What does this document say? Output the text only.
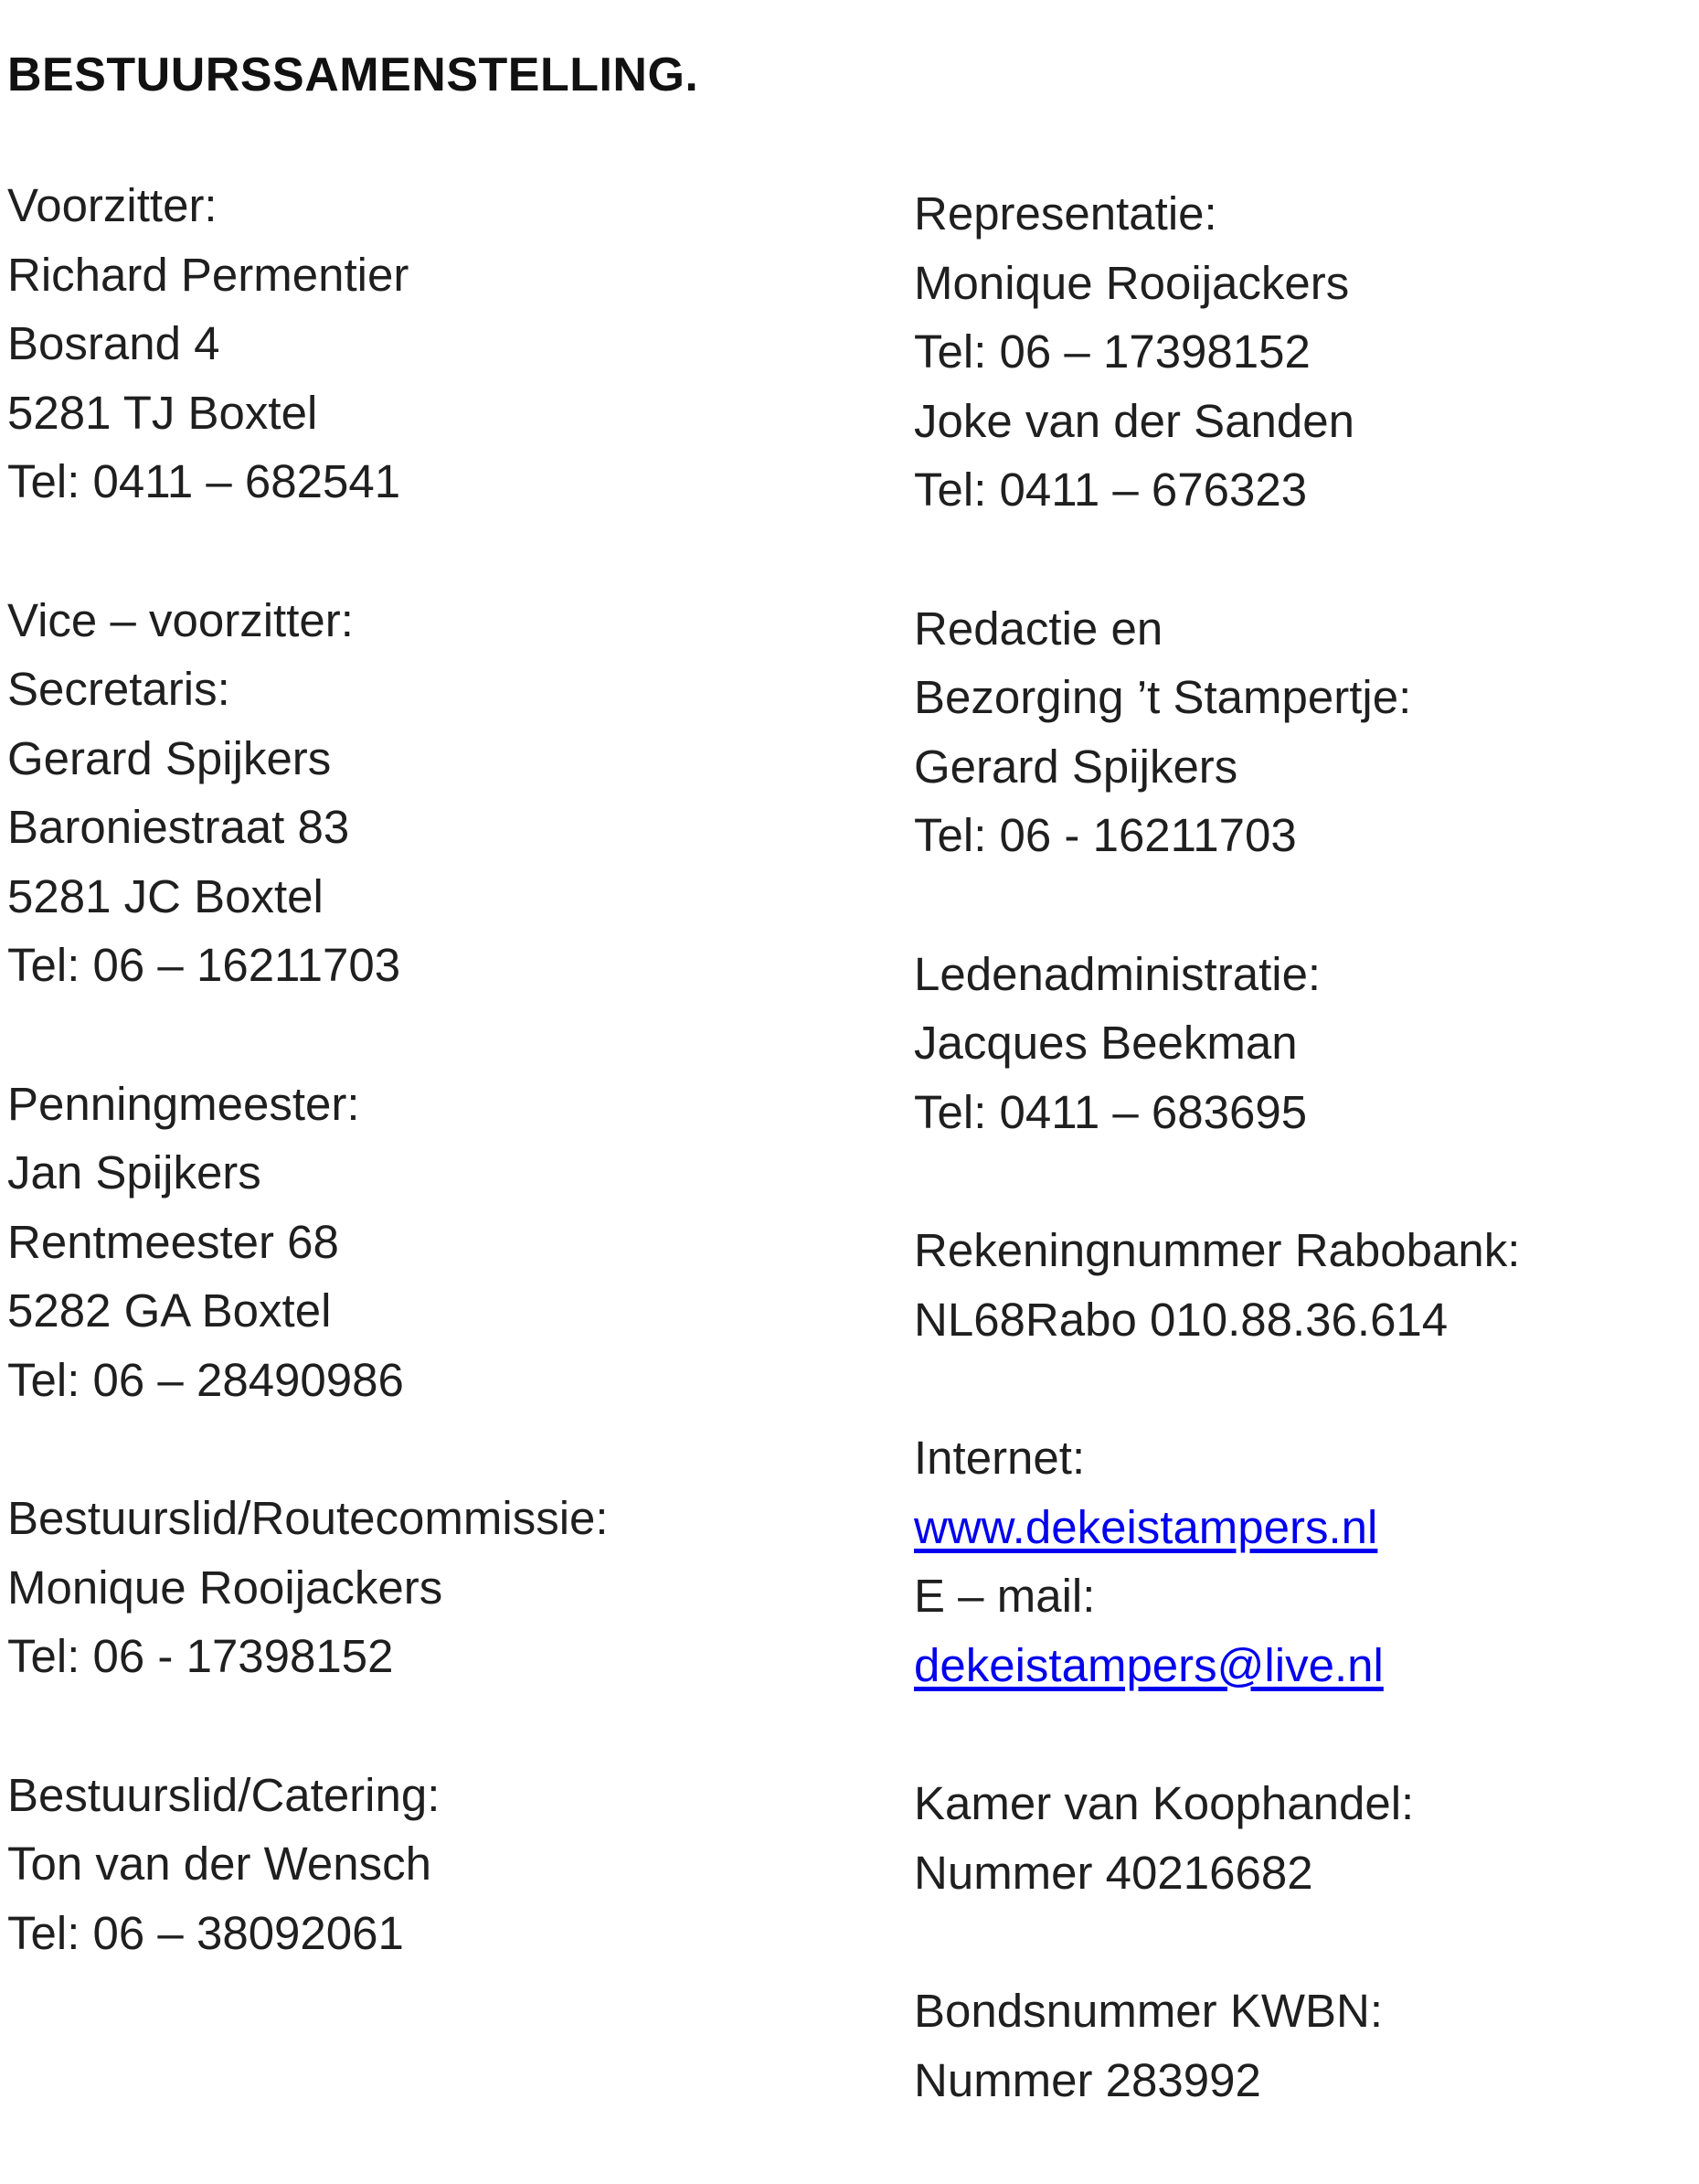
BESTUURSSAMENSTELLING.
Voorzitter:
Richard Permentier
Bosrand 4
5281 TJ Boxtel
Tel: 0411 – 682541
Vice – voorzitter:
Secretaris:
Gerard Spijkers
Baroniestraat 83
5281 JC Boxtel
Tel: 06 – 16211703
Penningmeester:
Jan Spijkers
Rentmeester 68
5282 GA Boxtel
Tel: 06 – 28490986
Bestuurslid/Routecommissie:
Monique Rooijackers
Tel: 06 - 17398152
Bestuurslid/Catering:
Ton van der Wensch
Tel: 06 – 38092061
Representatie:
Monique Rooijackers
Tel: 06 – 17398152
Joke van der Sanden
Tel: 0411 – 676323
Redactie en
Bezorging ’t Stampertje:
Gerard Spijkers
Tel: 06 - 16211703
Ledenadministratie:
Jacques Beekman
Tel: 0411 – 683695
Rekeningnummer Rabobank:
NL68Rabo 010.88.36.614
Internet:
www.dekeistampers.nl
E – mail:
dekeistampers@live.nl
Kamer van Koophandel:
Nummer 40216682
Bondsnummer KWBN:
Nummer 283992
